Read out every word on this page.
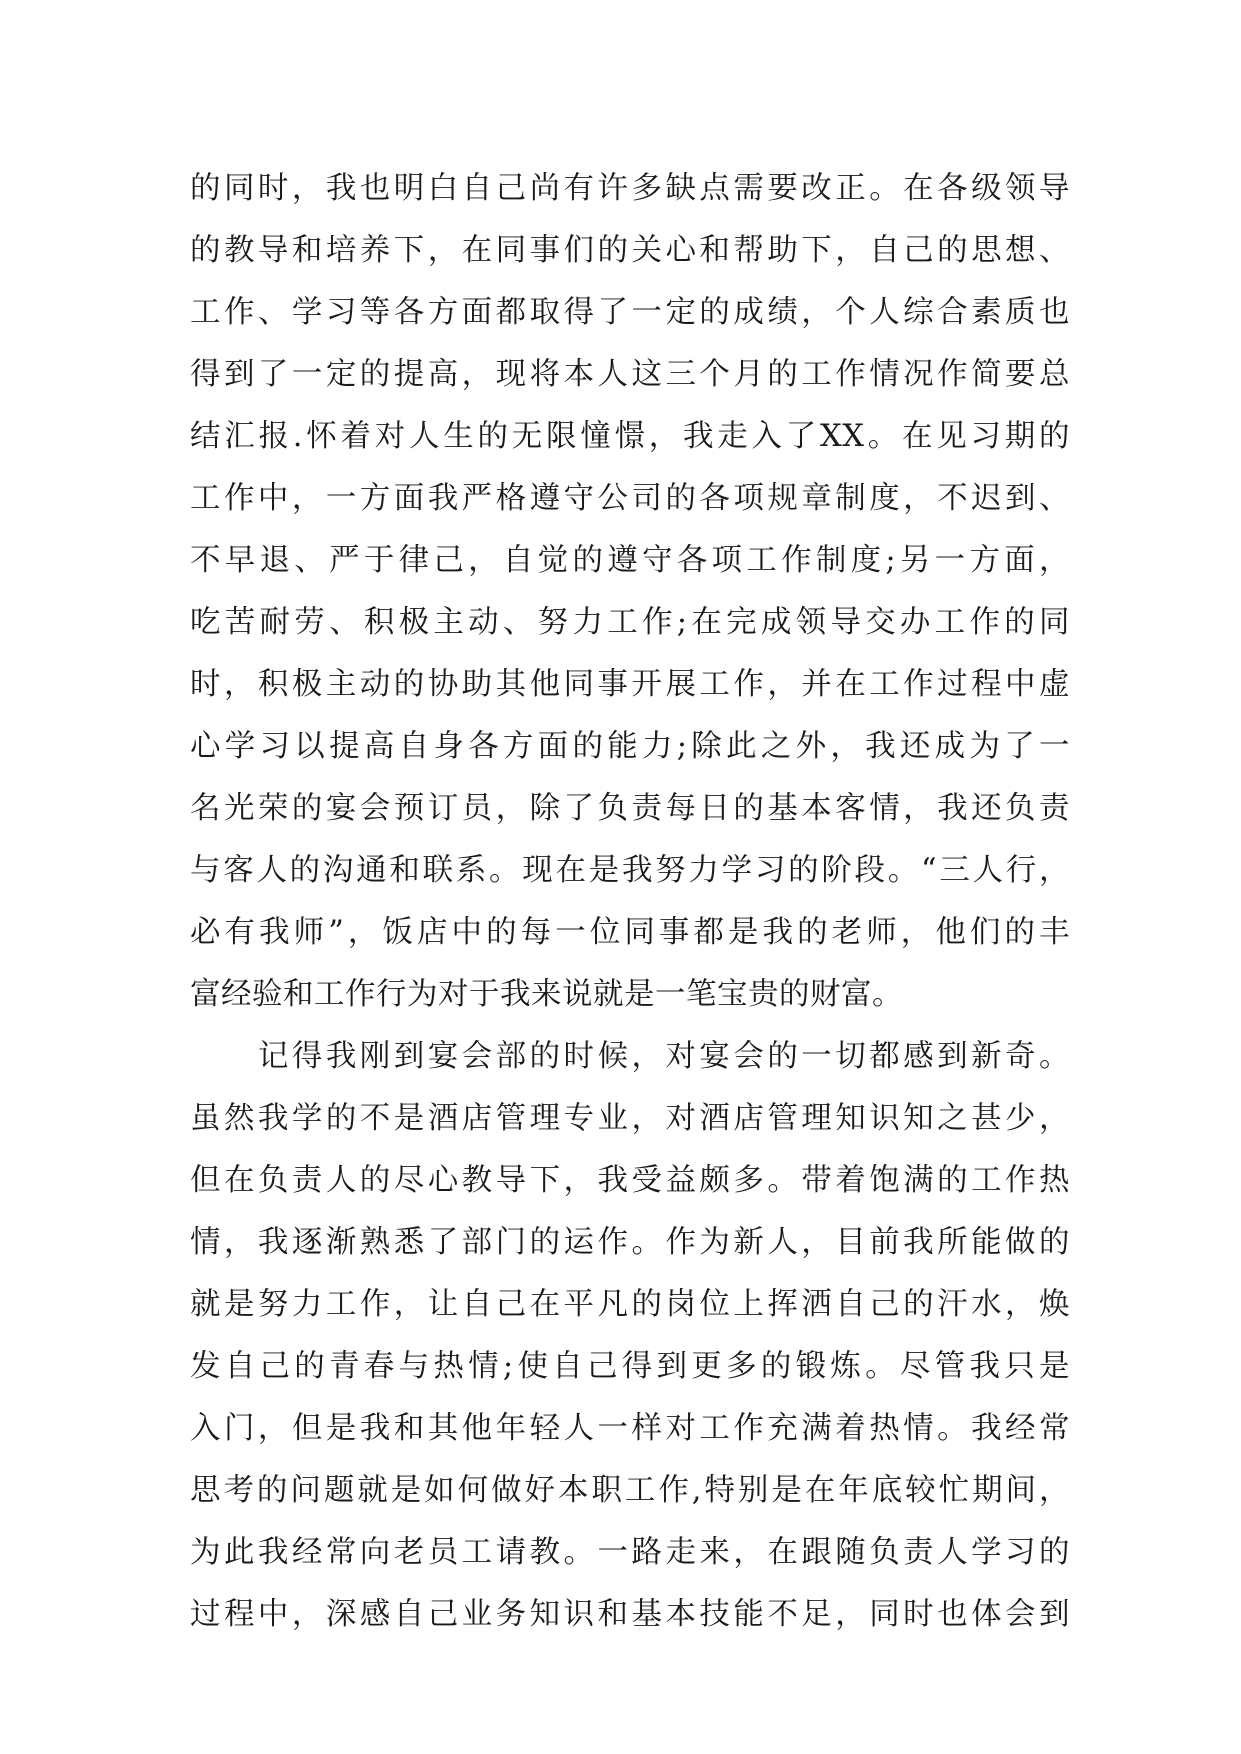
的同时，我也明白自己尚有许多缺点需要改正。在各级领导
的教导和培养下，在同事们的关心和帮助下，自己的思想、
工作、学习等各方面都取得了一定的成绩，个人综合素质也
得到了一定的提高，现将本人这三个月的工作情况作简要总
结汇报.怀着对人生的无限憧憬，我走入了XX。在见习期的
工作中，一方面我严格遵守公司的各项规章制度，不迟到、
不早退、严于律己，自觉的遵守各项工作制度;另一方面，
吃苦耐劳、积极主动、努力工作;在完成领导交办工作的同
时，积极主动的协助其他同事开展工作，并在工作过程中虚
心学习以提高自身各方面的能力;除此之外，我还成为了一
名光荣的宴会预订员，除了负责每日的基本客情，我还负责
与客人的沟通和联系。现在是我努力学习的阶段。“三人行，
必有我师”，饭店中的每一位同事都是我的老师，他们的丰
富经验和工作行为对于我来说就是一笔宝贵的财富。
　　记得我刚到宴会部的时候，对宴会的一切都感到新奇。
虽然我学的不是酒店管理专业，对酒店管理知识知之甚少，
但在负责人的尽心教导下，我受益颇多。带着饱满的工作热
情，我逐渐熟悉了部门的运作。作为新人，目前我所能做的
就是努力工作，让自己在平凡的岗位上挥洒自己的汗水，焕
发自己的青春与热情;使自己得到更多的锻炼。尽管我只是
入门，但是我和其他年轻人一样对工作充满着热情。我经常
思考的问题就是如何做好本职工作,特别是在年底较忙期间，
为此我经常向老员工请教。一路走来，在跟随负责人学习的
过程中，深感自己业务知识和基本技能不足，同时也体会到
